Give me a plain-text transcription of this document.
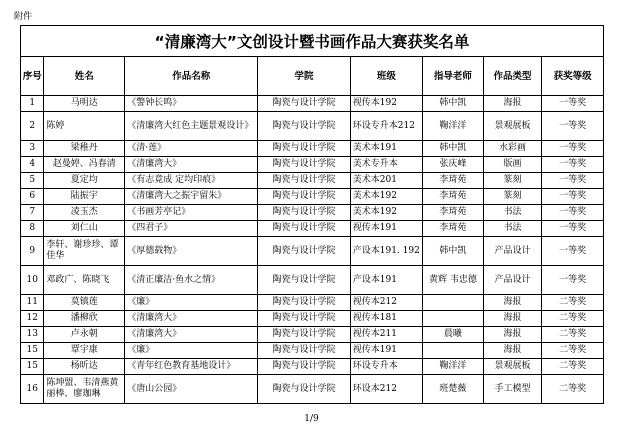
附件
“清廉湾大”文创设计暨书画作品大赛获奖名单
序号	姓名	作品名称	学院	班级	指导老师	作品类型	获奖等级
1	马明达	《警钟长鸣》	陶瓷与设计学院	视传本192	韩中凯	海报	一等奖
2	陈婷	《清廉湾大红色主题景观设计》	陶瓷与设计学院	环设专升本212	鞠洋洋	景观展板	一等奖
3	梁稚丹	《清·莲》	陶瓷与设计学院	美术本191	韩中凯	水彩画	一等奖
4	赵曼婷、冯春清	《清廉湾大》	陶瓷与设计学院	美术专升本	张庆峰	版画	一等奖
5	夏定均	《有志竟成 定均印痕》	陶瓷与设计学院	美术本201	李琦苑	篆刻	一等奖
6	陆振宇	《清廉湾大之振宇留朱》	陶瓷与设计学院	美术本192	李琦苑	篆刻	一等奖
7	凌玉杰	《书画芳亭记》	陶瓷与设计学院	美术本192	李琦苑	书法	一等奖
8	刘仁山	《四君子》	陶瓷与设计学院	视传本191	李琦苑	书法	一等奖
9	李轩、谢珍珍、谭佳华	《厚德载物》	陶瓷与设计学院	产设本191. 192	韩中凯	产品设计	一等奖
10	邓政广、陈晓飞	《清正廉洁·鱼水之情》	陶瓷与设计学院	产设本191	黄辉 韦忠德	产品设计	一等奖
11	莫镇莲	《廉》	陶瓷与设计学院	视传本212		海报	二等奖
12	潘柳欣	《清廉湾大》	陶瓷与设计学院	视传本181		海报	二等奖
13	卢永朝	《清廉湾大》	陶瓷与设计学院	视传本211	晨曦	海报	二等奖
15	覃宇康	《廉》	陶瓷与设计学院	视传本191		海报	二等奖
15	杨昕达	《青年红色教育基地设计》	陶瓷与设计学院	环设专升本	鞠洋洋	景观展板	二等奖
16	陈坤盟、韦清燕黄丽棒、廖珈琳	《唐山公园》	陶瓷与设计学院	环设本212	班楚薇	手工模型	二等奖
1/9
